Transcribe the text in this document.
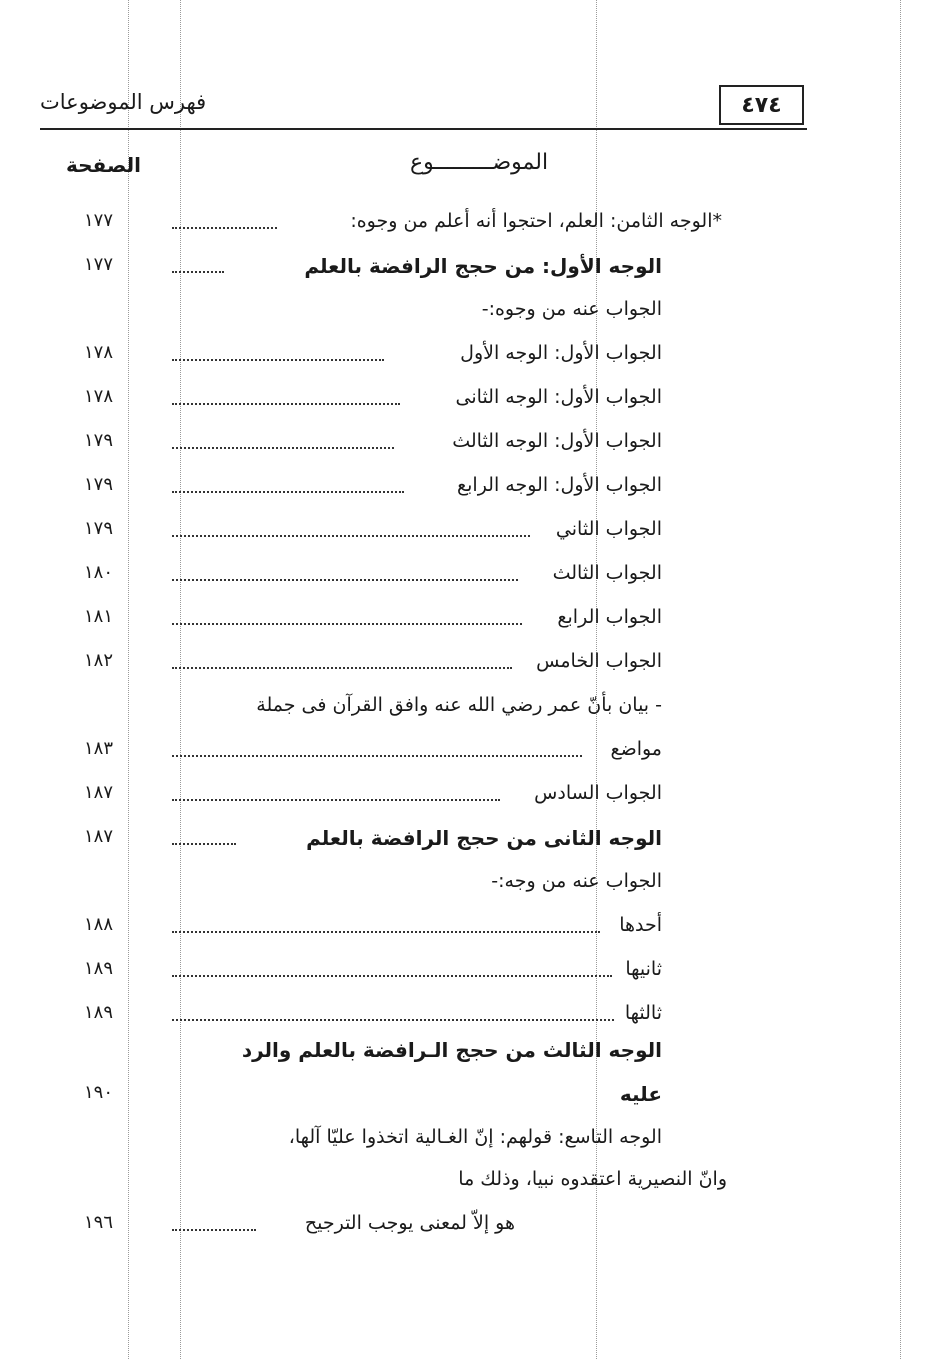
فهرس الموضوعات	٤٧٤
الصفحة	الموضـــــــــوع
*الوجه الثامن: العلم، احتجوا أنه أعلم من وجوه:
١٧٧
الوجه الأول: من حجج الرافضة بالعلم
١٧٧
الجواب عنه من وجوه:-
الجواب الأول: الوجه الأول
١٧٨
الجواب الأول: الوجه الثانى
١٧٨
الجواب الأول: الوجه الثالث
١٧٩
الجواب الأول: الوجه الرابع
١٧٩
الجواب الثاني
١٧٩
الجواب الثالث
١٨٠
الجواب الرابع
١٨١
الجواب الخامس
١٨٢
- بيان بأنّ عمر رضي الله عنه وافق القرآن فى جملة
مواضع
١٨٣
الجواب السادس
١٨٧
الوجه الثانى من حجج الرافضة بالعلم
١٨٧
الجواب عنه من وجه:-
أحدها
١٨٨
ثانيها
١٨٩
ثالثها
١٨٩
الوجه الثالث من حجج الـرافضة بالعلم والرد
عليه
١٩٠
الوجه التاسع: قولهم: إنّ الغـالية اتخذوا عليّا آلها،
وانّ النصيرية اعتقدوه نبيا، وذلك ما
هو إلاّ لمعنى يوجب الترجيح
١٩٦
